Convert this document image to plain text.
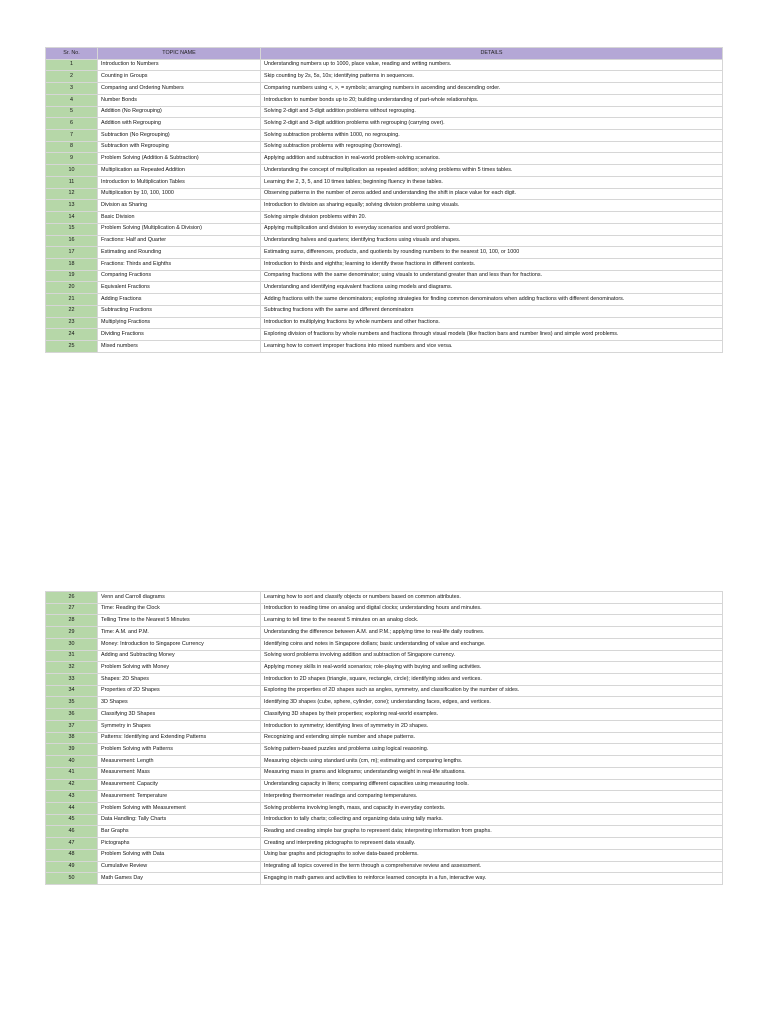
Sr. No.	TOPIC NAME	DETAILS
1	Introduction to Numbers	Understanding numbers up to 1000, place value, reading and writing numbers.
2	Counting in Groups	Skip counting by 2s, 5s, 10s; identifying patterns in sequences.
3	Comparing and Ordering Numbers	Comparing numbers using <, >, = symbols; arranging numbers in ascending and descending order.
4	Number Bonds	Introduction to number bonds up to 20; building understanding of part-whole relationships.
5	Addition (No Regrouping)	Solving 2-digit and 3-digit addition problems without regrouping.
6	Addition with Regrouping	Solving 2-digit and 3-digit addition problems with regrouping (carrying over).
7	Subtraction (No Regrouping)	Solving subtraction problems within 1000, no regrouping.
8	Subtraction with Regrouping	Solving subtraction problems with regrouping (borrowing).
9	Problem Solving (Addition & Subtraction)	Applying addition and subtraction in real-world problem-solving scenarios.
10	Multiplication as Repeated Addition	Understanding the concept of multiplication as repeated addition; solving problems within 5 times tables.
11	Introduction to Multiplication Tables	Learning the 2, 3, 5, and 10 times tables; beginning fluency in these tables.
12	Multiplication by 10, 100, 1000	Observing patterns in the number of zeros added and understanding the shift in place value for each digit.
13	Division as Sharing	Introduction to division as sharing equally; solving division problems using visuals.
14	Basic Division	Solving simple division problems within 20.
15	Problem Solving (Multiplication & Division)	Applying multiplication and division to everyday scenarios and word problems.
16	Fractions: Half and Quarter	Understanding halves and quarters; identifying fractions using visuals and shapes.
17	Estimating and Rounding	Estimating sums, differences, products, and quotients by rounding numbers to the nearest 10, 100, or 1000
18	Fractions: Thirds and Eighths	Introduction to thirds and eighths; learning to identify these fractions in different contexts.
19	Comparing Fractions	Comparing fractions with the same denominator; using visuals to understand greater than and less than for fractions.
20	Equivalent Fractions	Understanding and identifying equivalent fractions using models and diagrams.
21	Adding Fractions	Adding fractions with the same denominators; exploring strategies for finding common denominators when adding fractions with different denominators.
22	Subtracting Fractions	Subtracting fractions with the same and different denominators
23	Multiplying Fractions	Introduction to multiplying fractions by whole numbers and other fractions.
24	Dividing Fractions	Exploring division of fractions by whole numbers and fractions through visual models (like fraction bars and number lines) and simple word problems.
25	Mixed numbers	Learning how to convert improper fractions into mixed numbers and vice versa.
26	Venn and Carroll diagrams	Learning how to sort and classify objects or numbers based on common attributes.
27	Time: Reading the Clock	Introduction to reading time on analog and digital clocks; understanding hours and minutes.
28	Telling Time to the Nearest 5 Minutes	Learning to tell time to the nearest 5 minutes on an analog clock.
29	Time: A.M. and P.M.	Understanding the difference between A.M. and P.M.; applying time to real-life daily routines.
30	Money: Introduction to Singapore Currency	Identifying coins and notes in Singapore dollars; basic understanding of value and exchange.
31	Adding and Subtracting Money	Solving word problems involving addition and subtraction of Singapore currency.
32	Problem Solving with Money	Applying money skills in real-world scenarios; role-playing with buying and selling activities.
33	Shapes: 2D Shapes	Introduction to 2D shapes (triangle, square, rectangle, circle); identifying sides and vertices.
34	Properties of 2D Shapes	Exploring the properties of 2D shapes such as angles, symmetry, and classification by the number of sides.
35	3D Shapes	Identifying 3D shapes (cube, sphere, cylinder, cone); understanding faces, edges, and vertices.
36	Classifying 3D Shapes	Classifying 3D shapes by their properties; exploring real-world examples.
37	Symmetry in Shapes	Introduction to symmetry; identifying lines of symmetry in 2D shapes.
38	Patterns: Identifying and Extending Patterns	Recognizing and extending simple number and shape patterns.
39	Problem Solving with Patterns	Solving pattern-based puzzles and problems using logical reasoning.
40	Measurement: Length	Measuring objects using standard units (cm, m); estimating and comparing lengths.
41	Measurement: Mass	Measuring mass in grams and kilograms; understanding weight in real-life situations.
42	Measurement: Capacity	Understanding capacity in liters; comparing different capacities using measuring tools.
43	Measurement: Temperature	Interpreting thermometer readings and comparing temperatures.
44	Problem Solving with Measurement	Solving problems involving length, mass, and capacity in everyday contexts.
45	Data Handling: Tally Charts	Introduction to tally charts; collecting and organizing data using tally marks.
46	Bar Graphs	Reading and creating simple bar graphs to represent data; interpreting information from graphs.
47	Pictographs	Creating and interpreting pictographs to represent data visually.
48	Problem Solving with Data	Using bar graphs and pictographs to solve data-based problems.
49	Cumulative Review	Integrating all topics covered in the term through a comprehensive review and assessment.
50	Math Games Day	Engaging in math games and activities to reinforce learned concepts in a fun, interactive way.
